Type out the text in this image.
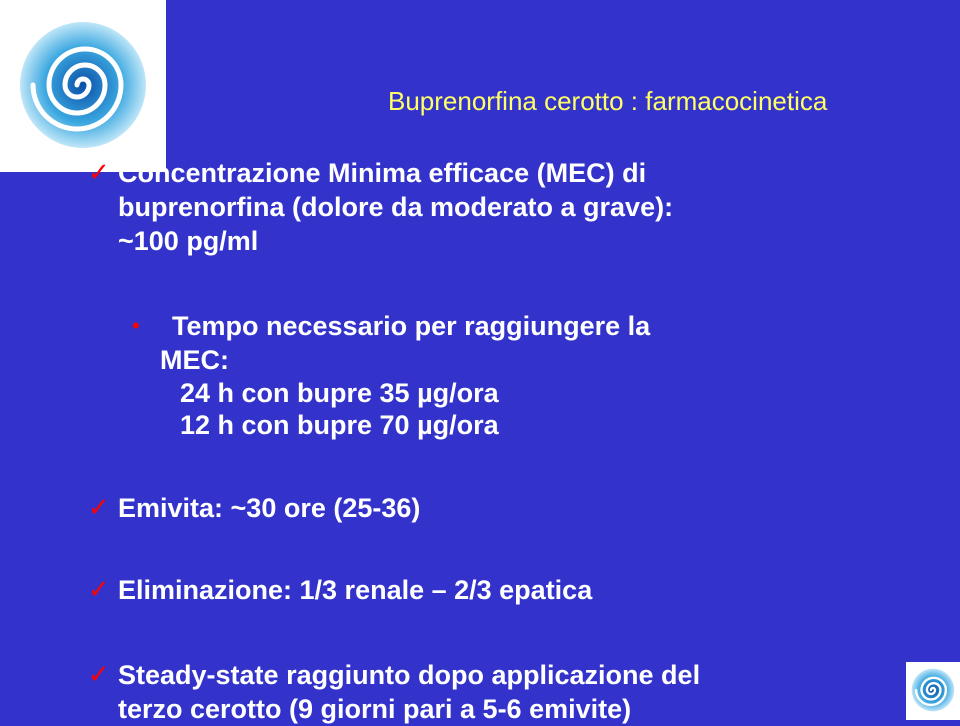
Buprenorfina cerotto : farmacocinetica
✓ Concentrazione Minima efficace (MEC) di
buprenorfina (dolore da moderato a grave):
~100 pg/ml
•	Tempo necessario per raggiungere la
MEC:
24 h con bupre 35 µg/ora
12 h con bupre 70 µg/ora
✓ Emivita: ~30 ore (25-36)
✓ Eliminazione: 1/3 renale – 2/3 epatica
✓ Steady-state raggiunto dopo applicazione del
terzo cerotto (9 giorni pari a 5-6 emivite)
